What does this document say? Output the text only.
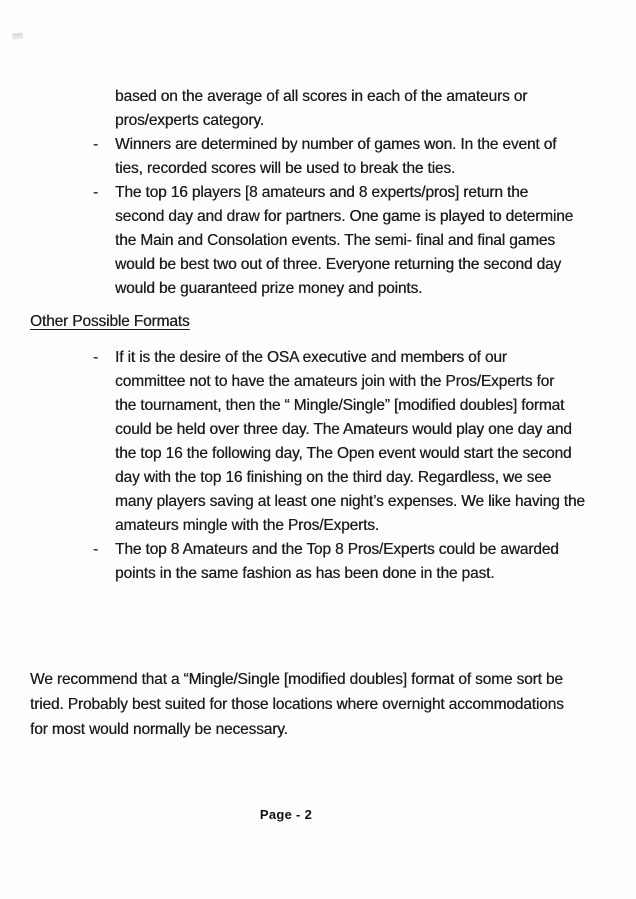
based on the average of all scores in each of the amateurs or
pros/experts category.
-	Winners are determined by number of games won. In the event of
ties, recorded scores will be used to break the ties.
-	The top 16 players [8 amateurs and 8 experts/pros] return the
second day and draw for partners. One game is played to determine
the Main and Consolation events. The semi- final and final games
would be best two out of three. Everyone returning the second day
would be guaranteed prize money and points.
Other Possible Formats
-	If it is the desire of the OSA executive and members of our
committee not to have the amateurs join with the Pros/Experts for
the tournament, then the “ Mingle/Single” [modified doubles] format
could be held over three day. The Amateurs would play one day and
the top 16 the following day, The Open event would start the second
day with the top 16 finishing on the third day. Regardless, we see
many players saving at least one night’s expenses. We like having the
amateurs mingle with the Pros/Experts.
-	The top 8 Amateurs and the Top 8 Pros/Experts could be awarded
points in the same fashion as has been done in the past.
We recommend that a “Mingle/Single [modified doubles] format of some sort be
tried. Probably best suited for those locations where overnight accommodations
for most would normally be necessary.
Page - 2
